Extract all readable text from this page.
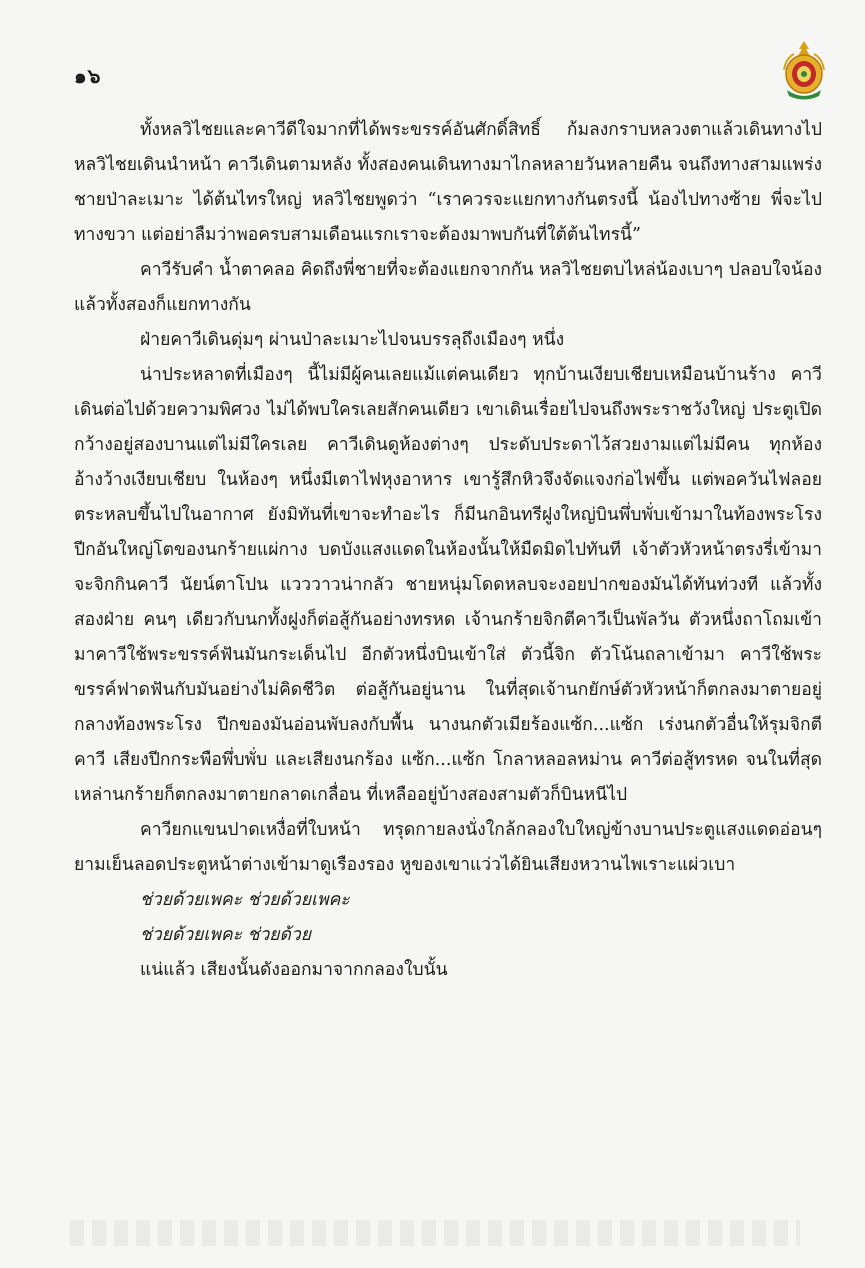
๑๖

ทั้งหลวิไชยและคาวีดีใจมากที่ได้พระขรรค์อันศักดิ์สิทธิ์ ก้มลงกราบหลวงตาแล้วเดินทางไป หลวิไชยเดินนำหน้า คาวีเดินตามหลัง ทั้งสองคนเดินทางมาไกลหลายวันหลายคืน จนถึงทางสามแพร่งชายป่าละเมาะ ได้ต้นไทรใหญ่ หลวิไชยพูดว่า “เราควรจะแยกทางกันตรงนี้ น้องไปทางซ้าย พี่จะไปทางขวา แต่อย่าลืมว่าพอครบสามเดือนแรกเราจะต้องมาพบกันที่ใต้ต้นไทรนี้”

คาวีรับคำ น้ำตาคลอ คิดถึงพี่ชายที่จะต้องแยกจากกัน หลวิไชยตบไหล่น้องเบาๆ ปลอบใจน้อง แล้วทั้งสองก็แยกทางกัน

ฝ่ายคาวีเดินดุ่มๆ ผ่านป่าละเมาะไปจนบรรลุถึงเมืองๆ หนึ่ง

น่าประหลาดที่เมืองๆ นี้ไม่มีผู้คนเลยแม้แต่คนเดียว ทุกบ้านเงียบเชียบเหมือนบ้านร้าง คาวีเดินต่อไปด้วยความพิศวง ไม่ได้พบใครเลยสักคนเดียว เขาเดินเรื่อยไปจนถึงพระราชวังใหญ่ ประตูเปิดกว้างอยู่สองบานแต่ไม่มีใครเลย คาวีเดินดูห้องต่างๆ ประดับประดาไว้สวยงามแต่ไม่มีคน ทุกห้องอ้างว้างเงียบเชียบ ในห้องๆ หนึ่งมีเตาไฟหุงอาหาร เขารู้สึกหิวจึงจัดแจงก่อไฟขึ้น แต่พอควันไฟลอยตระหลบขึ้นไปในอากาศ ยังมิทันที่เขาจะทำอะไร ก็มีนกอินทรีฝูงใหญ่บินพึ่บพั่บเข้ามาในท้องพระโรง ปีกอันใหญ่โตของนกร้ายแผ่กาง บดบังแสงแดดในห้องนั้นให้มืดมิดไปทันที เจ้าตัวหัวหน้าตรงรี่เข้ามาจะจิกกินคาวี นัยน์ตาโปน แวววาวน่ากลัว ชายหนุ่มโดดหลบจะงอยปากของมันได้ทันท่วงที แล้วทั้งสองฝ่าย คนๆ เดียวกับนกทั้งฝูงก็ต่อสู้กันอย่างทรหด เจ้านกร้ายจิกตีคาวีเป็นพัลวัน ตัวหนึ่งถาโถมเข้ามาคาวีใช้พระขรรค์ฟันมันกระเด็นไป อีกตัวหนึ่งบินเข้าใส่ ตัวนี้จิก ตัวโน้นถลาเข้ามา คาวีใช้พระขรรค์ฟาดฟันกับมันอย่างไม่คิดชีวิต ต่อสู้กันอยู่นาน ในที่สุดเจ้านกยักษ์ตัวหัวหน้าก็ตกลงมาตายอยู่กลางท้องพระโรง ปีกของมันอ่อนพับลงกับพื้น นางนกตัวเมียร้องแซ้ก...แซ้ก เร่งนกตัวอื่นให้รุมจิกตีคาวี เสียงปีกกระพือพึ่บพั่บ และเสียงนกร้อง แซ้ก...แซ้ก โกลาหลอลหม่าน คาวีต่อสู้ทรหด จนในที่สุดเหล่านกร้ายก็ตกลงมาตายกลาดเกลื่อน ที่เหลืออยู่บ้างสองสามตัวก็บินหนีไป

คาวียกแขนปาดเหงื่อที่ใบหน้า ทรุดกายลงนั่งใกล้กลองใบใหญ่ข้างบานประตูแสงแดดอ่อนๆ ยามเย็นลอดประตูหน้าต่างเข้ามาดูเรืองรอง หูของเขาแว่วได้ยินเสียงหวานไพเราะแผ่วเบา

ช่วยด้วยเพคะ ช่วยด้วยเพคะ

ช่วยด้วยเพคะ ช่วยด้วย

แน่แล้ว เสียงนั้นดังออกมาจากกลองใบนั้น
